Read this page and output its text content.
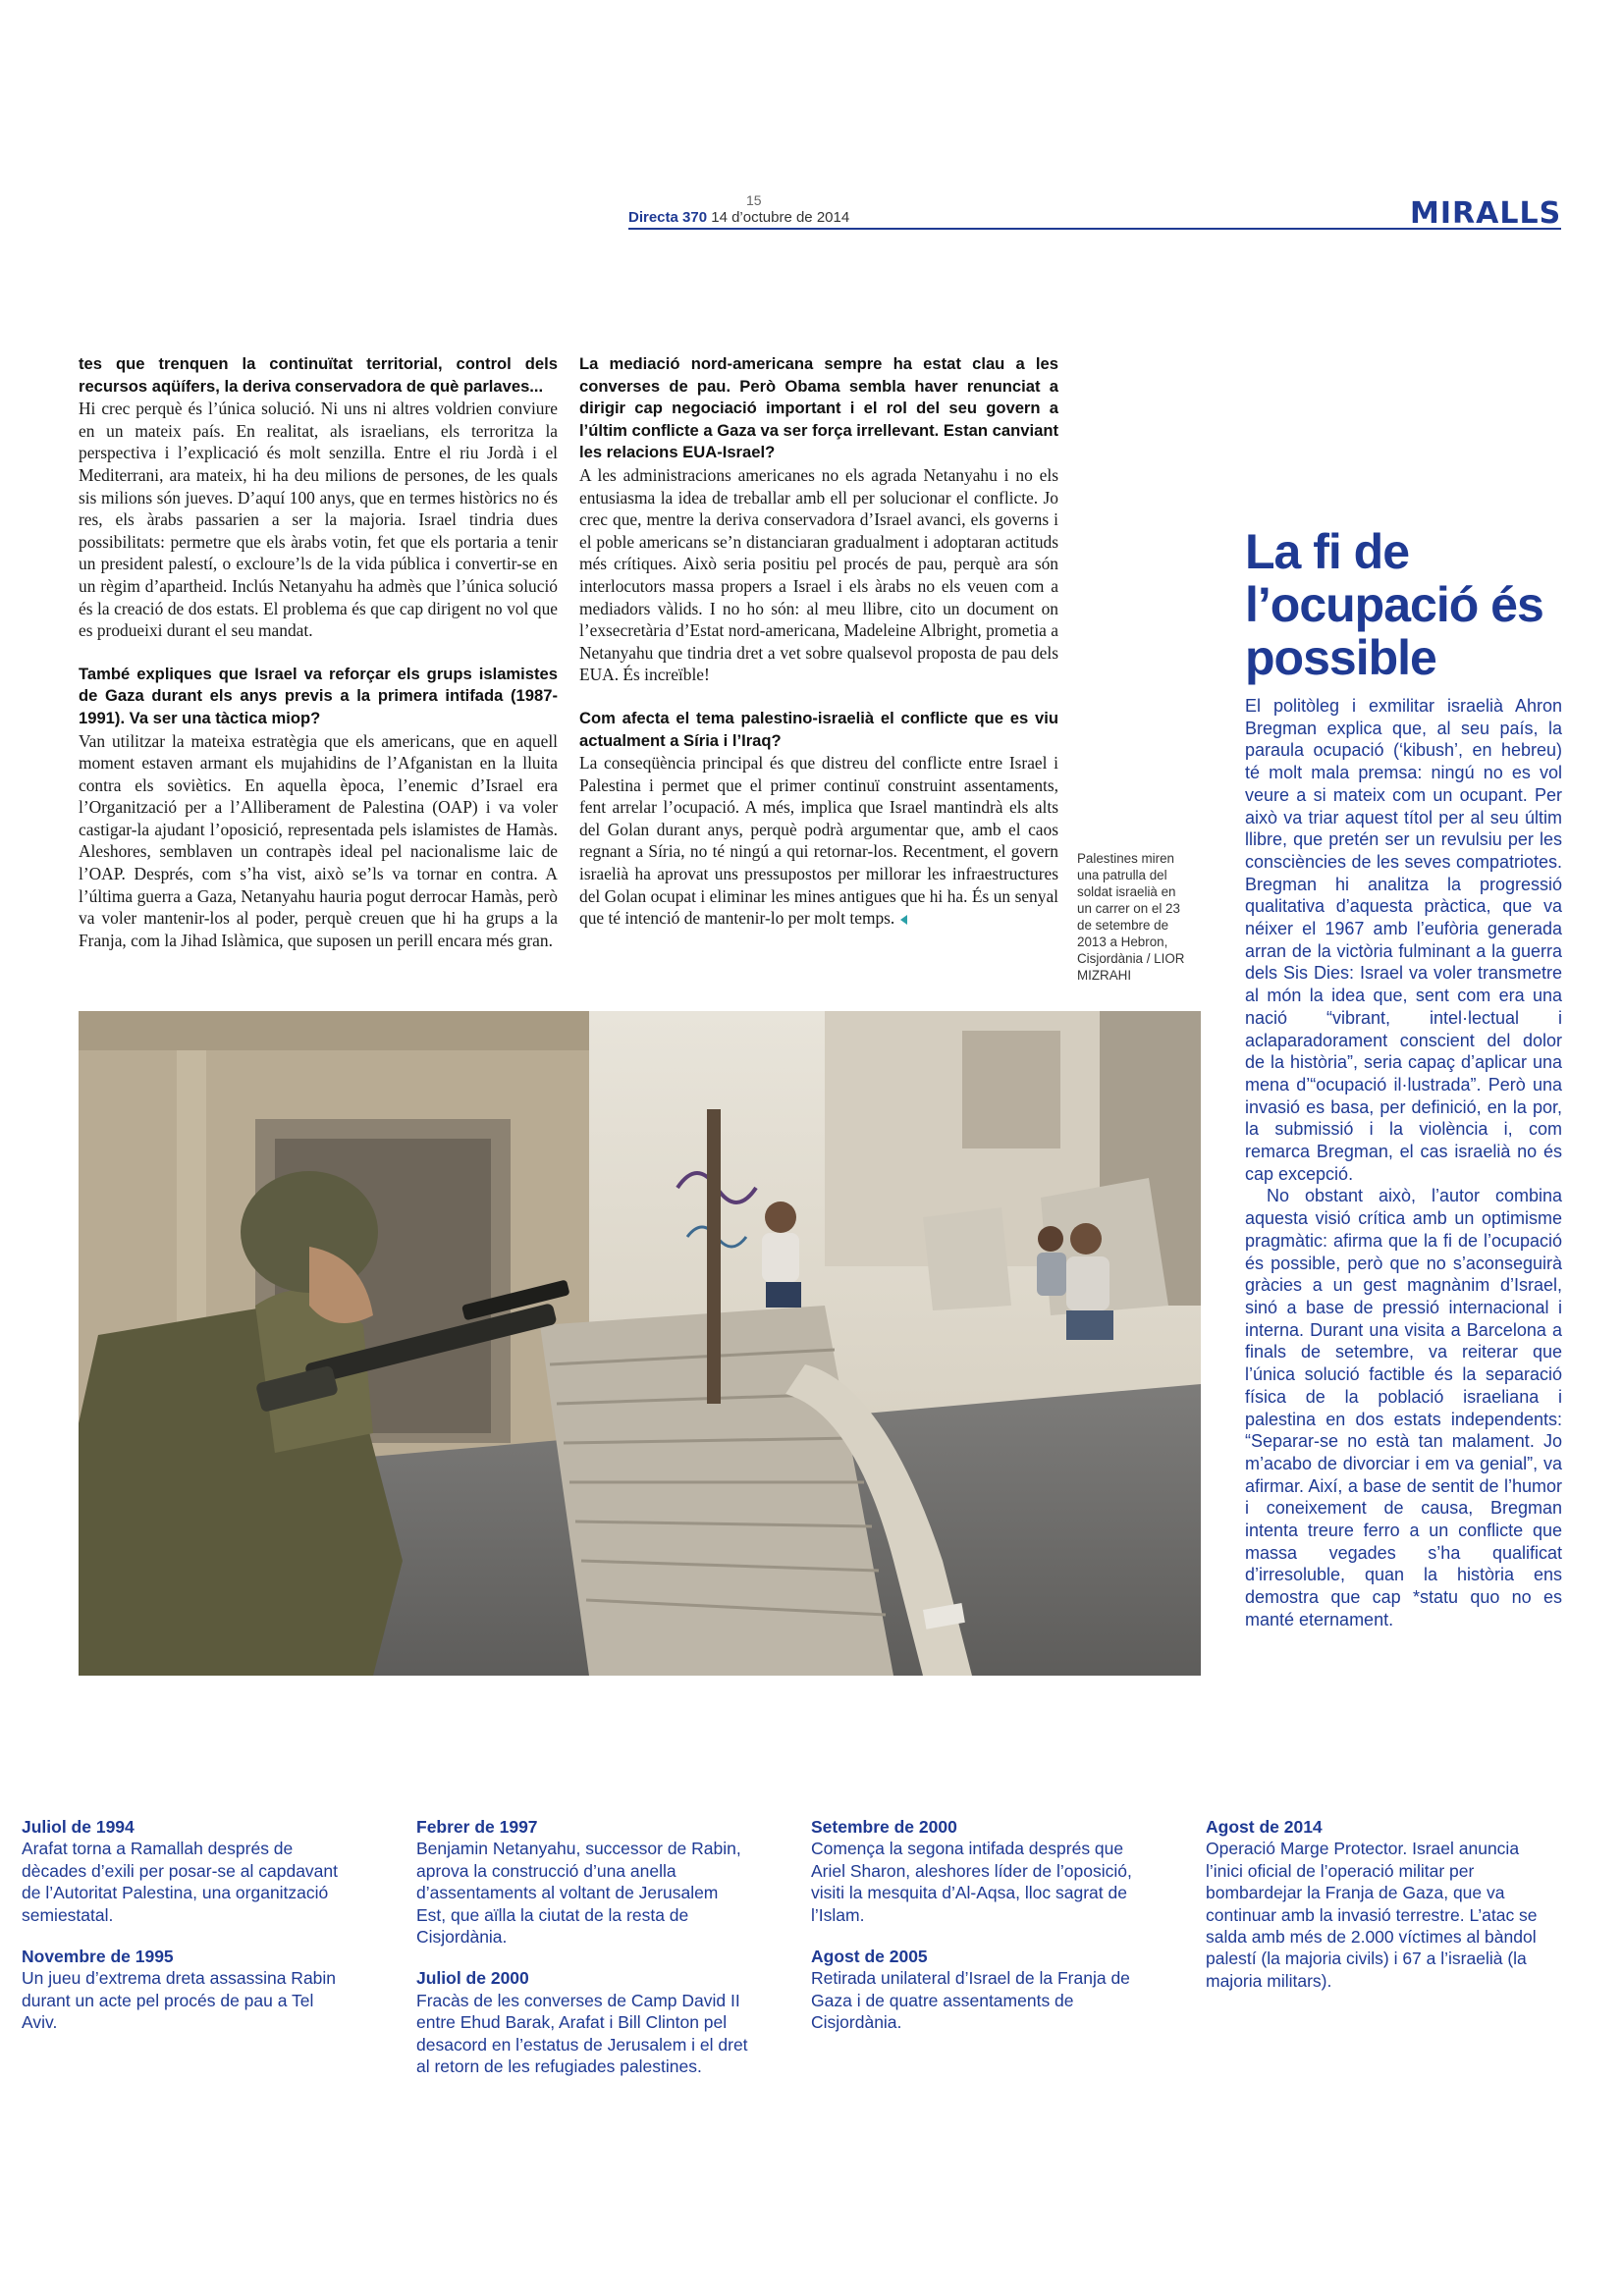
15
Directa 370 14 d’octubre de 2014	MIRALLS
tes que trenquen la continuïtat territorial, control dels recursos aqüífers, la deriva conservadora de què parlaves...
Hi crec perquè és l’única solució. Ni uns ni altres voldrien conviure en un mateix país. En realitat, als israelians, els terroritza la perspectiva i l’explicació és molt senzilla. Entre el riu Jordà i el Mediterrani, ara mateix, hi ha deu milions de persones, de les quals sis milions són jueves. D’aquí 100 anys, que en termes històrics no és res, els àrabs passarien a ser la majoria. Israel tindria dues possibilitats: permetre que els àrabs votin, fet que els portaria a tenir un president palestí, o excloure’ls de la vida pública i convertir-se en un règim d’apartheid. Inclús Netanyahu ha admès que l’única solució és la creació de dos estats. El problema és que cap dirigent no vol que es produeixi durant el seu mandat.
També expliques que Israel va reforçar els grups islamistes de Gaza durant els anys previs a la primera intifada (1987-1991). Va ser una tàctica miop?
Van utilitzar la mateixa estratègia que els americans, que en aquell moment estaven armant els mujahidins de l’Afganistan en la lluita contra els soviètics. En aquella època, l’enemic d’Israel era l’Organització per a l’Alliberament de Palestina (OAP) i va voler castigar-la ajudant l’oposició, representada pels islamistes de Hamàs. Aleshores, semblaven un contrapès ideal pel nacionalisme laic de l’OAP. Després, com s’ha vist, això se’ls va tornar en contra. A l’última guerra a Gaza, Netanyahu hauria pogut derrocar Hamàs, però va voler mantenir-los al poder, perquè creuen que hi ha grups a la Franja, com la Jihad Islàmica, que suposen un perill encara més gran.
La mediació nord-americana sempre ha estat clau a les converses de pau. Però Obama sembla haver renunciat a dirigir cap negociació important i el rol del seu govern a l’últim conflicte a Gaza va ser força irrellevant. Estan canviant les relacions EUA-Israel?
A les administracions americanes no els agrada Netanyahu i no els entusiasma la idea de treballar amb ell per solucionar el conflicte. Jo crec que, mentre la deriva conservadora d’Israel avanci, els governs i el poble americans se’n distanciaran gradualment i adoptaran actituds més crítiques. Això seria positiu pel procés de pau, perquè ara són interlocutors massa propers a Israel i els àrabs no els veuen com a mediadors vàlids. I no ho són: al meu llibre, cito un document on l’exsecretària d’Estat nord-americana, Madeleine Albright, prometia a Netanyahu que tindria dret a vet sobre qualsevol proposta de pau dels EUA. És increïble!
Com afecta el tema palestino-israelià el conflicte que es viu actualment a Síria i l’Iraq?
La conseqüència principal és que distreu del conflicte entre Israel i Palestina i permet que el primer continuï construint assentaments, fent arrelar l’ocupació. A més, implica que Israel mantindrà els alts del Golan durant anys, perquè podrà argumentar que, amb el caos regnant a Síria, no té ningú a qui retornar-los. Recentment, el govern israelià ha aprovat uns pressupostos per millorar les infraestructures del Golan ocupat i eliminar les mines antigues que hi ha. És un senyal que té intenció de mantenir-lo per molt temps.
Palestines miren una patrulla del soldat israelià en un carrer on el 23 de setembre de 2013 a Hebron, Cisjordània / LIOR MIZRAHI
La fi de l’ocupació és possible

El politòleg i exmilitar israelià Ahron Bregman explica que, al seu país, la paraula ocupació (‘kibush’, en hebreu) té molt mala premsa: ningú no es vol veure a si mateix com un ocupant. Per això va triar aquest títol per al seu últim llibre, que pretén ser un revulsiu per les consciències de les seves compatriotes. Bregman hi analitza la progressió qualitativa d’aquesta pràctica, que va néixer el 1967 amb l’eufòria generada arran de la victòria fulminant a la guerra dels Sis Dies: Israel va voler transmetre al món la idea que, sent com era una nació “vibrant, intel·lectual i aclaparadorament conscient del dolor de la història”, seria capaç d’aplicar una mena d’“ocupació il·lustrada”. Però una invasió es basa, per definició, en la por, la submissió i la violència i, com remarca Bregman, el cas israelià no és cap excepció.

No obstant això, l’autor combina aquesta visió crítica amb un optimisme pragmàtic: afirma que la fi de l’ocupació és possible, però que no s’aconseguirà gràcies a un gest magnànim d’Israel, sinó a base de pressió internacional i interna. Durant una visita a Barcelona a finals de setembre, va reiterar que l’única solució factible és la separació física de la població israeliana i palestina en dos estats independents: “Separar-se no està tan malament. Jo m’acabo de divorciar i em va genial”, va afirmar. Així, a base de sentit de l’humor i coneixement de causa, Bregman intenta treure ferro a un conflicte que massa vegades s’ha qualificat d’irresoluble, quan la història ens demostra que cap *statu quo no es manté eternament.

Juliol de 1994
Arafat torna a Ramallah després de dècades d’exili per posar-se al capdavant de l’Autoritat Palestina, una organització semiestatal.
Novembre de 1995
Un jueu d’extrema dreta assassina Rabin durant un acte pel procés de pau a Tel Aviv.
Febrer de 1997
Benjamin Netanyahu, successor de Rabin, aprova la construcció d’una anella d’assentaments al voltant de Jerusalem Est, que aïlla la ciutat de la resta de Cisjordània.
Juliol de 2000
Fracàs de les converses de Camp David II entre Ehud Barak, Arafat i Bill Clinton pel desacord en l’estatus de Jerusalem i el dret al retorn de les refugiades palestines.
Setembre de 2000
Comença la segona intifada després que Ariel Sharon, aleshores líder de l’oposició, visiti la mesquita d’Al-Aqsa, lloc sagrat de l’Islam.
Agost de 2005
Retirada unilateral d’Israel de la Franja de Gaza i de quatre assentaments de Cisjordània.
Agost de 2014
Operació Marge Protector. Israel anuncia l’inici oficial de l’operació militar per bombardejar la Franja de Gaza, que va continuar amb la invasió terrestre. L’atac se salda amb més de 2.000 víctimes al bàndol palestí (la majoria civils) i 67 a l’israelià (la majoria militars).
